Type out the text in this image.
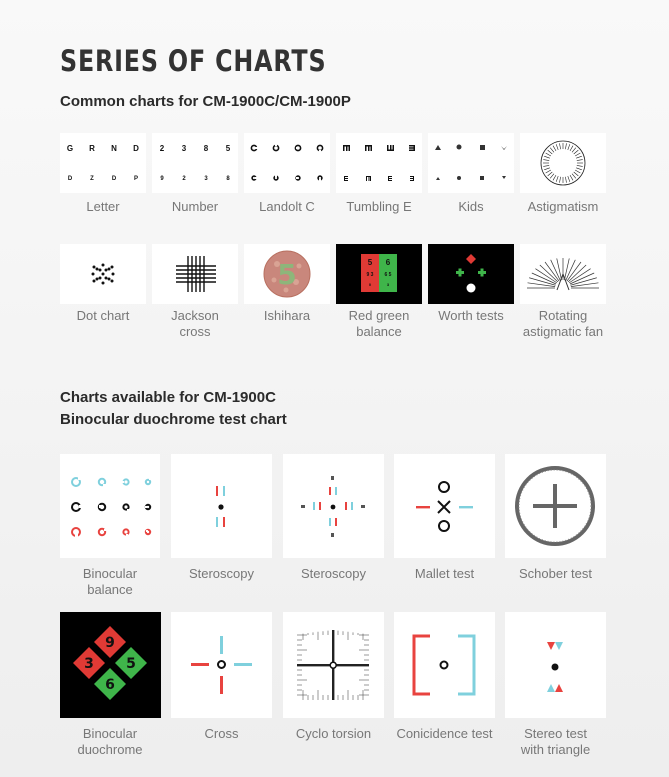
SERIES OF CHARTS
Common charts for CM-1900C/CM-1900P
G R N D
D	Z	D	P
Letter
2 3 8 5
9	2	3	8
Number	Landolt C	Tumbling E	Kids	Astigmatism
Dot chart	Jackson
cross
5
Ishihara
5 6
9 3 6 5
0	3
Red green
balance
Worth tests	Rotating
astigmatic fan
Charts available for CM-1900C
Binocular duochrome test chart
Binocular
balance
Steroscopy	Steroscopy	Mallet test	Schober test
9
3 5
6
Binocular
duochrome
Cross	Cyclo torsion	Conicidence test	Stereo test
with triangle
